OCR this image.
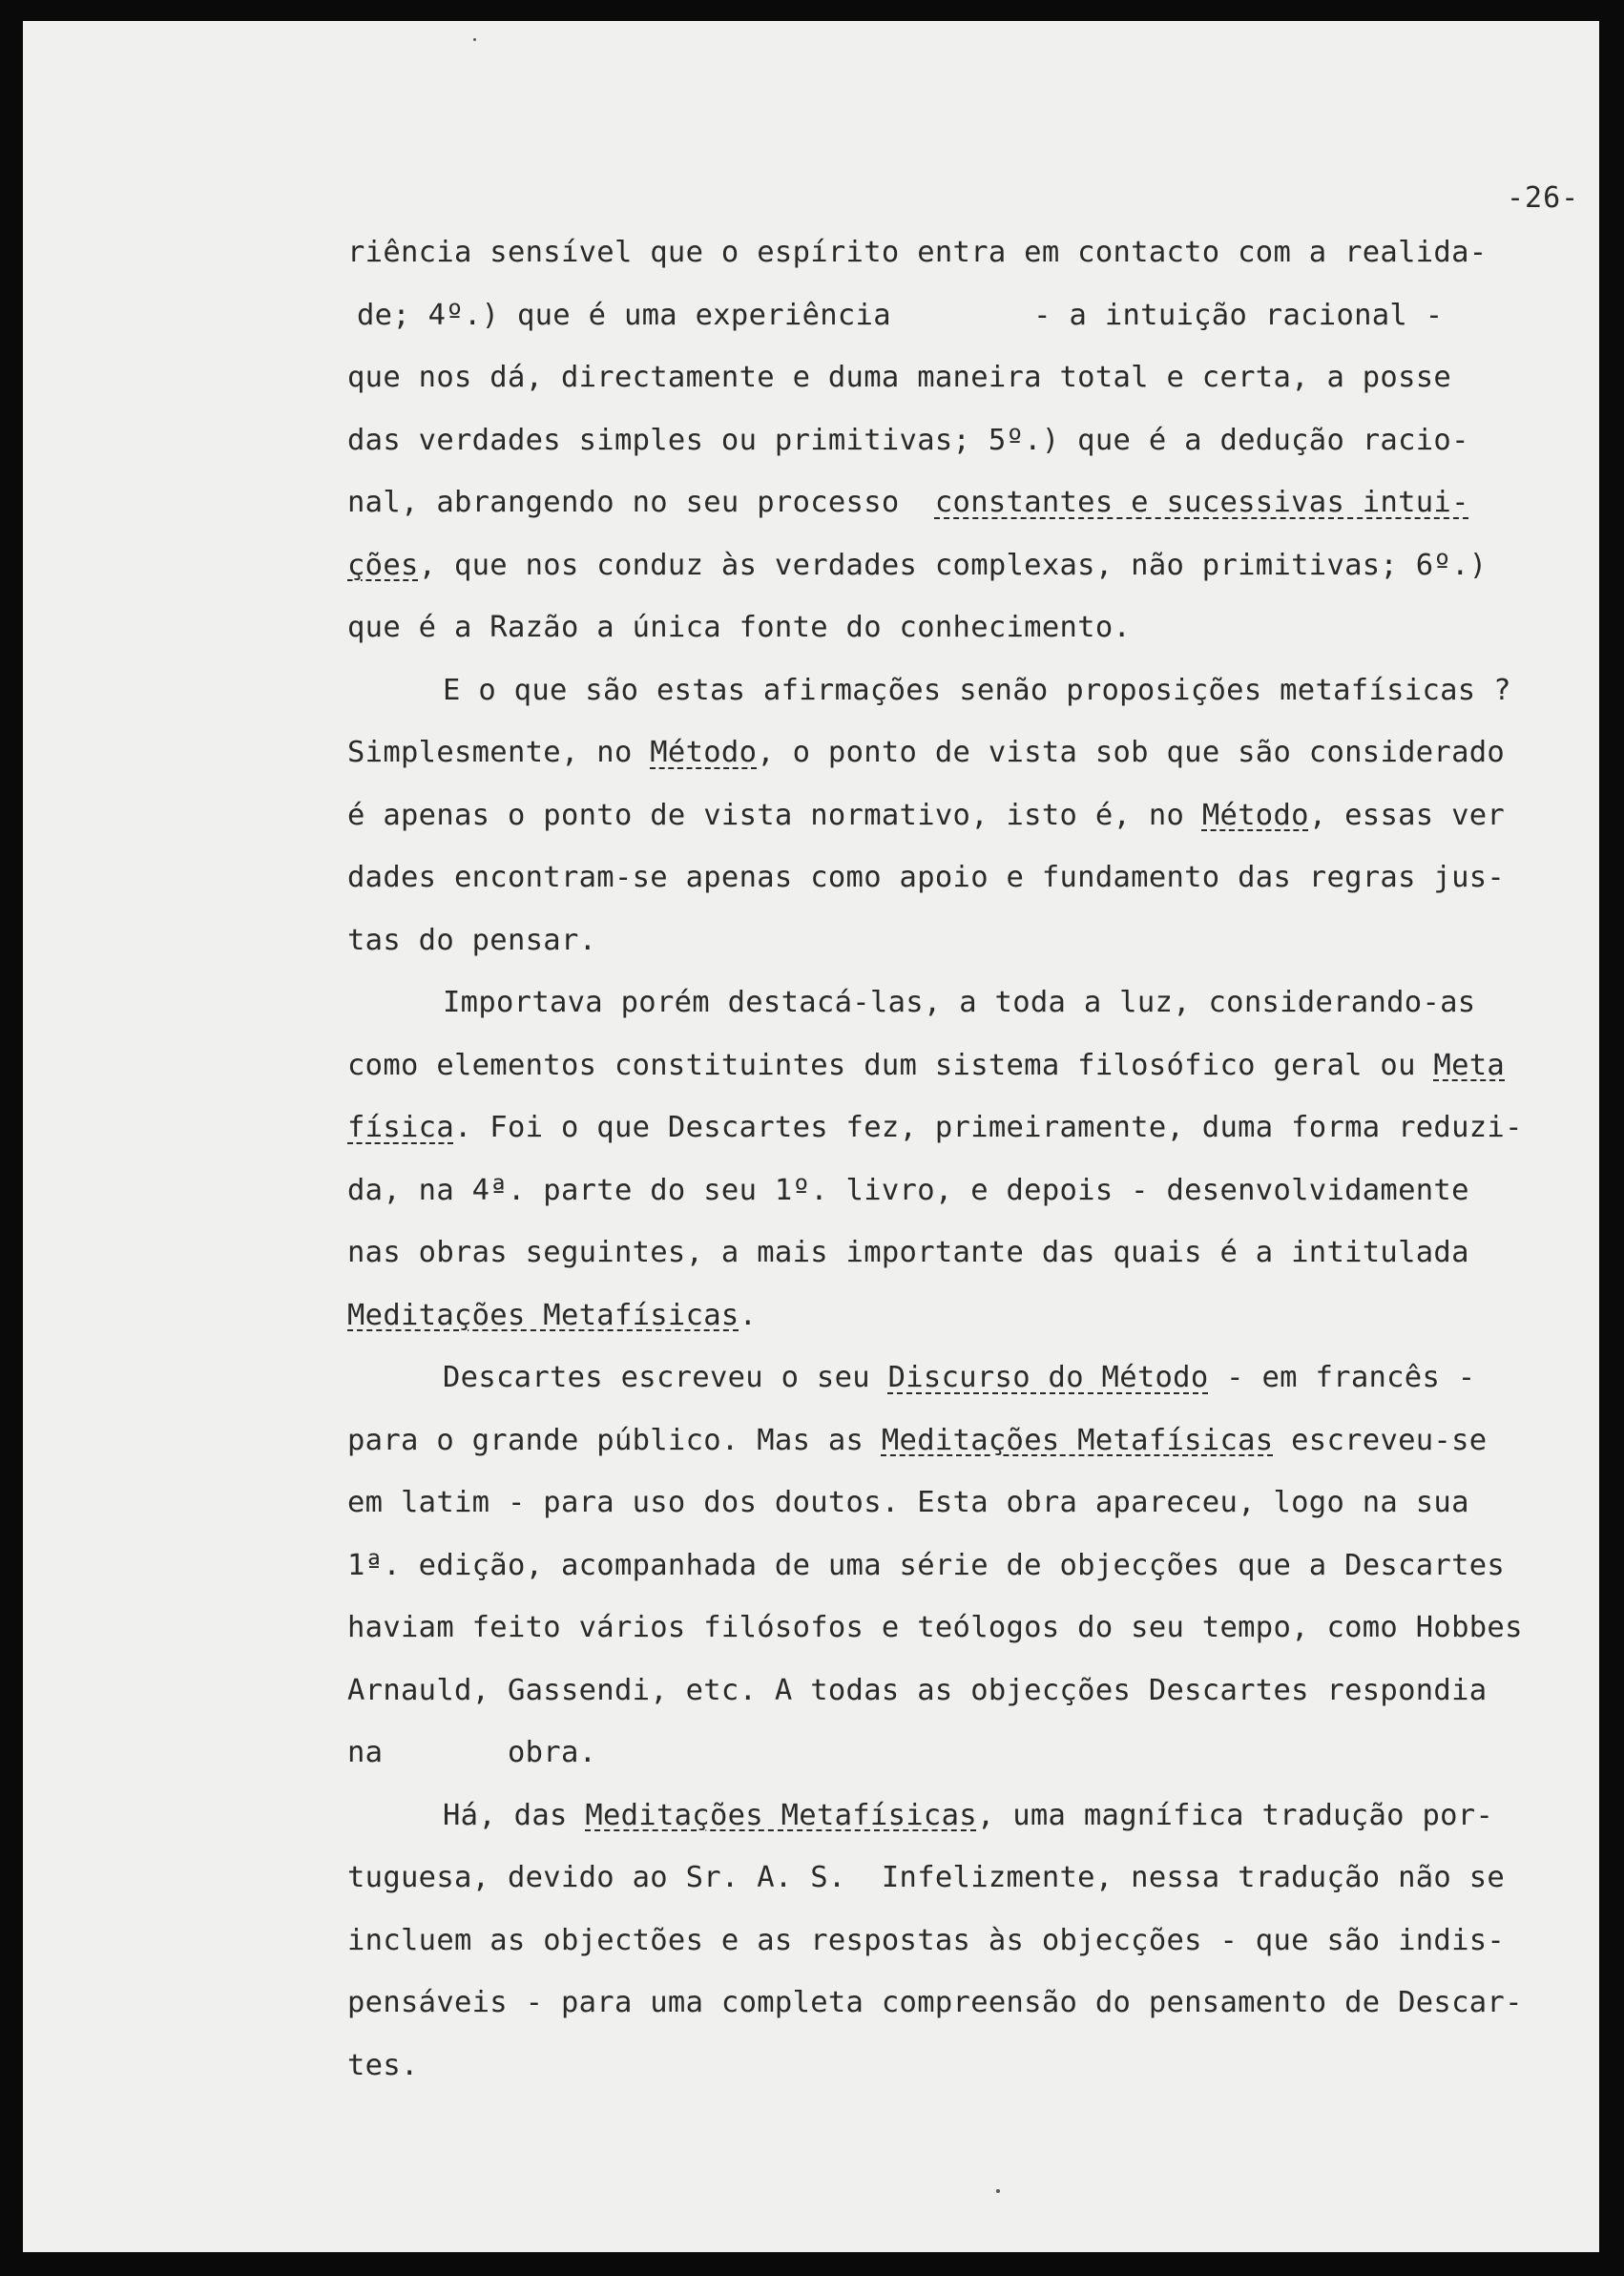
-26-
riência sensível que o espírito entra em contacto com a realida-
de; 4º.) que é uma experiência        - a intuição racional -
que nos dá, directamente e duma maneira total e certa, a posse
das verdades simples ou primitivas; 5º.) que é a dedução racio-
nal, abrangendo no seu processo  constantes e sucessivas intui-
ções, que nos conduz às verdades complexas, não primitivas; 6º.)
que é a Razão a única fonte do conhecimento.
E o que são estas afirmações senão proposições metafísicas ?
Simplesmente, no Método, o ponto de vista sob que são considerado
é apenas o ponto de vista normativo, isto é, no Método, essas ver
dades encontram-se apenas como apoio e fundamento das regras jus-
tas do pensar.
Importava porém destacá-las, a toda a luz, considerando-as
como elementos constituintes dum sistema filosófico geral ou Meta
física. Foi o que Descartes fez, primeiramente, duma forma reduzi-
da, na 4ª. parte do seu 1º. livro, e depois - desenvolvidamente
nas obras seguintes, a mais importante das quais é a intitulada
Meditações Metafísicas.
Descartes escreveu o seu Discurso do Método - em francês -
para o grande público. Mas as Meditações Metafísicas escreveu-se
em latim - para uso dos doutos. Esta obra apareceu, logo na sua
1ª. edição, acompanhada de uma série de objecções que a Descartes
haviam feito vários filósofos e teólogos do seu tempo, como Hobbes
Arnauld, Gassendi, etc. A todas as objecções Descartes respondia
na       obra.
Há, das Meditações Metafísicas, uma magnífica tradução por-
tuguesa, devido ao Sr. A. S.  Infelizmente, nessa tradução não se
incluem as objectões e as respostas às objecções - que são indis-
pensáveis - para uma completa compreensão do pensamento de Descar-
tes.
